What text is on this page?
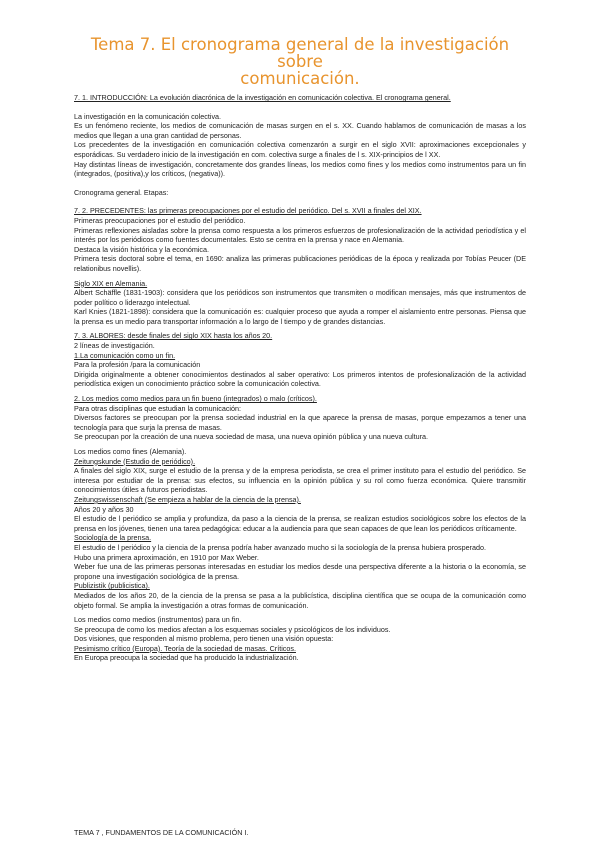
Tema 7. El cronograma general de la investigación sobre
comunicación.

7. 1. INTRODUCCIÓN: La evolución diacrónica de la investigación en comunicación colectiva. El cronograma general.

La investigación en la comunicación colectiva.

Es un fenómeno reciente, los medios de comunicación de masas surgen en el s. XX. Cuando hablamos de comunicación de masas a los medios que llegan a una gran cantidad de personas.

Los precedentes de la investigación en comunicación colectiva comenzarón a surgir en el siglo XVII: aproximaciones excepcionales y esporádicas. Su verdadero inicio de la investigación en com. colectiva surge a finales de l s. XIX-principios de l XX.

Hay distintas líneas de investigación, concretamente dos grandes líneas, los medios como fines y los medios como instrumentos para un fin (integrados, (positiva),y los críticos, (negativa)).

Cronograma general. Etapas:

7. 2. PRECEDENTES: las primeras preocupaciones por el estudio del periódico. Del s. XVII a finales del XIX.

Primeras preocupaciones por el estudio del periódico.

Primeras reflexiones aisladas sobre la prensa como respuesta a los primeros esfuerzos de profesionalización de la actividad periodística y el interés por los periódicos como fuentes documentales. Esto se centra en la prensa y nace en Alemania.

Destaca la visión histórica y la económica.

Primera tesis doctoral sobre el tema, en 1690: analiza las primeras publicaciones periódicas de la época y realizada por Tobías Peucer (DE relationibus novellis).

Siglo XIX en Alemania.

Albert Schäffle (1831-1903): considera que los periódicos son instrumentos que transmiten o modifican mensajes, más que instrumentos de poder político o liderazgo intelectual.

Karl Knies (1821-1898): considera que la comunicación es: cualquier proceso que ayuda a romper el aislamiento entre personas. Piensa que la prensa es un medio para transportar información a lo largo de l tiempo y de grandes distancias.

7. 3. ALBORES: desde finales del siglo XIX hasta los años 20.

2 líneas de investigación.

1.La comunicación como un fin.

Para la profesión /para la comunicación

Dirigida originalmente a obtener conocimientos destinados al saber operativo: Los primeros intentos de profesionalización de la actividad periodística exigen un conocimiento práctico sobre la comunicación colectiva.

2. Los medios como medios para un fin bueno (integrados) o malo (críticos).

Para otras disciplinas que estudian la comunicación:

Diversos factores se preocupan por la prensa sociedad industrial en la que aparece la prensa de masas, porque empezamos a tener una tecnología para que surja la prensa de masas.

Se preocupan por la creación de una nueva sociedad de masa, una nueva opinión pública y una nueva cultura.

Los medios como fines (Alemania).

Zeitungskunde (Estudio de periódico).

A finales del siglo XIX, surge el estudio de la prensa y de la empresa periodista, se crea el primer instituto para el estudio del periódico. Se interesa por estudiar de la prensa: sus efectos, su influencia en la opinión pública y su rol como fuerza económica. Quiere transmitir conocimientos útiles a futuros periodistas.

Zeitungswissenschaft (Se empieza a hablar de la ciencia de la prensa).

Años 20 y años 30

El estudio de l periódico se amplia y profundiza, da paso a la ciencia de la prensa, se realizan estudios sociológicos sobre los efectos de la prensa en los jóvenes, tienen una tarea pedagógica: educar a la audiencia para que sean capaces de que lean los periódicos críticamente.

Sociología de la prensa.

El estudio de l periódico y la ciencia de la prensa podría haber avanzado mucho si la sociología de la prensa hubiera prosperado.

Hubo una primera aproximación, en 1910 por Max Weber.

Weber fue una de las primeras personas interesadas en estudiar los medios desde una perspectiva diferente a la historia o la economía, se propone una investigación sociológica de la prensa.

Publizistik (publicistica).

Mediados de los años 20, de la ciencia de la prensa se pasa a la publicística, disciplina científica que se ocupa de la comunicación como objeto formal. Se amplia la investigación a otras formas de comunicación.

Los medios como medios (instrumentos) para un fin.

Se preocupa de como los medios afectan a los esquemas sociales y psicológicos de los individuos.

Dos visiones, que responden al mismo problema, pero tienen una visión opuesta:

Pesimismo crítico (Europa). Teoría de la sociedad de masas. Críticos.

En Europa preocupa la sociedad que ha producido la industrialización.

TEMA 7 , FUNDAMENTOS DE LA COMUNICACIÓN I.
